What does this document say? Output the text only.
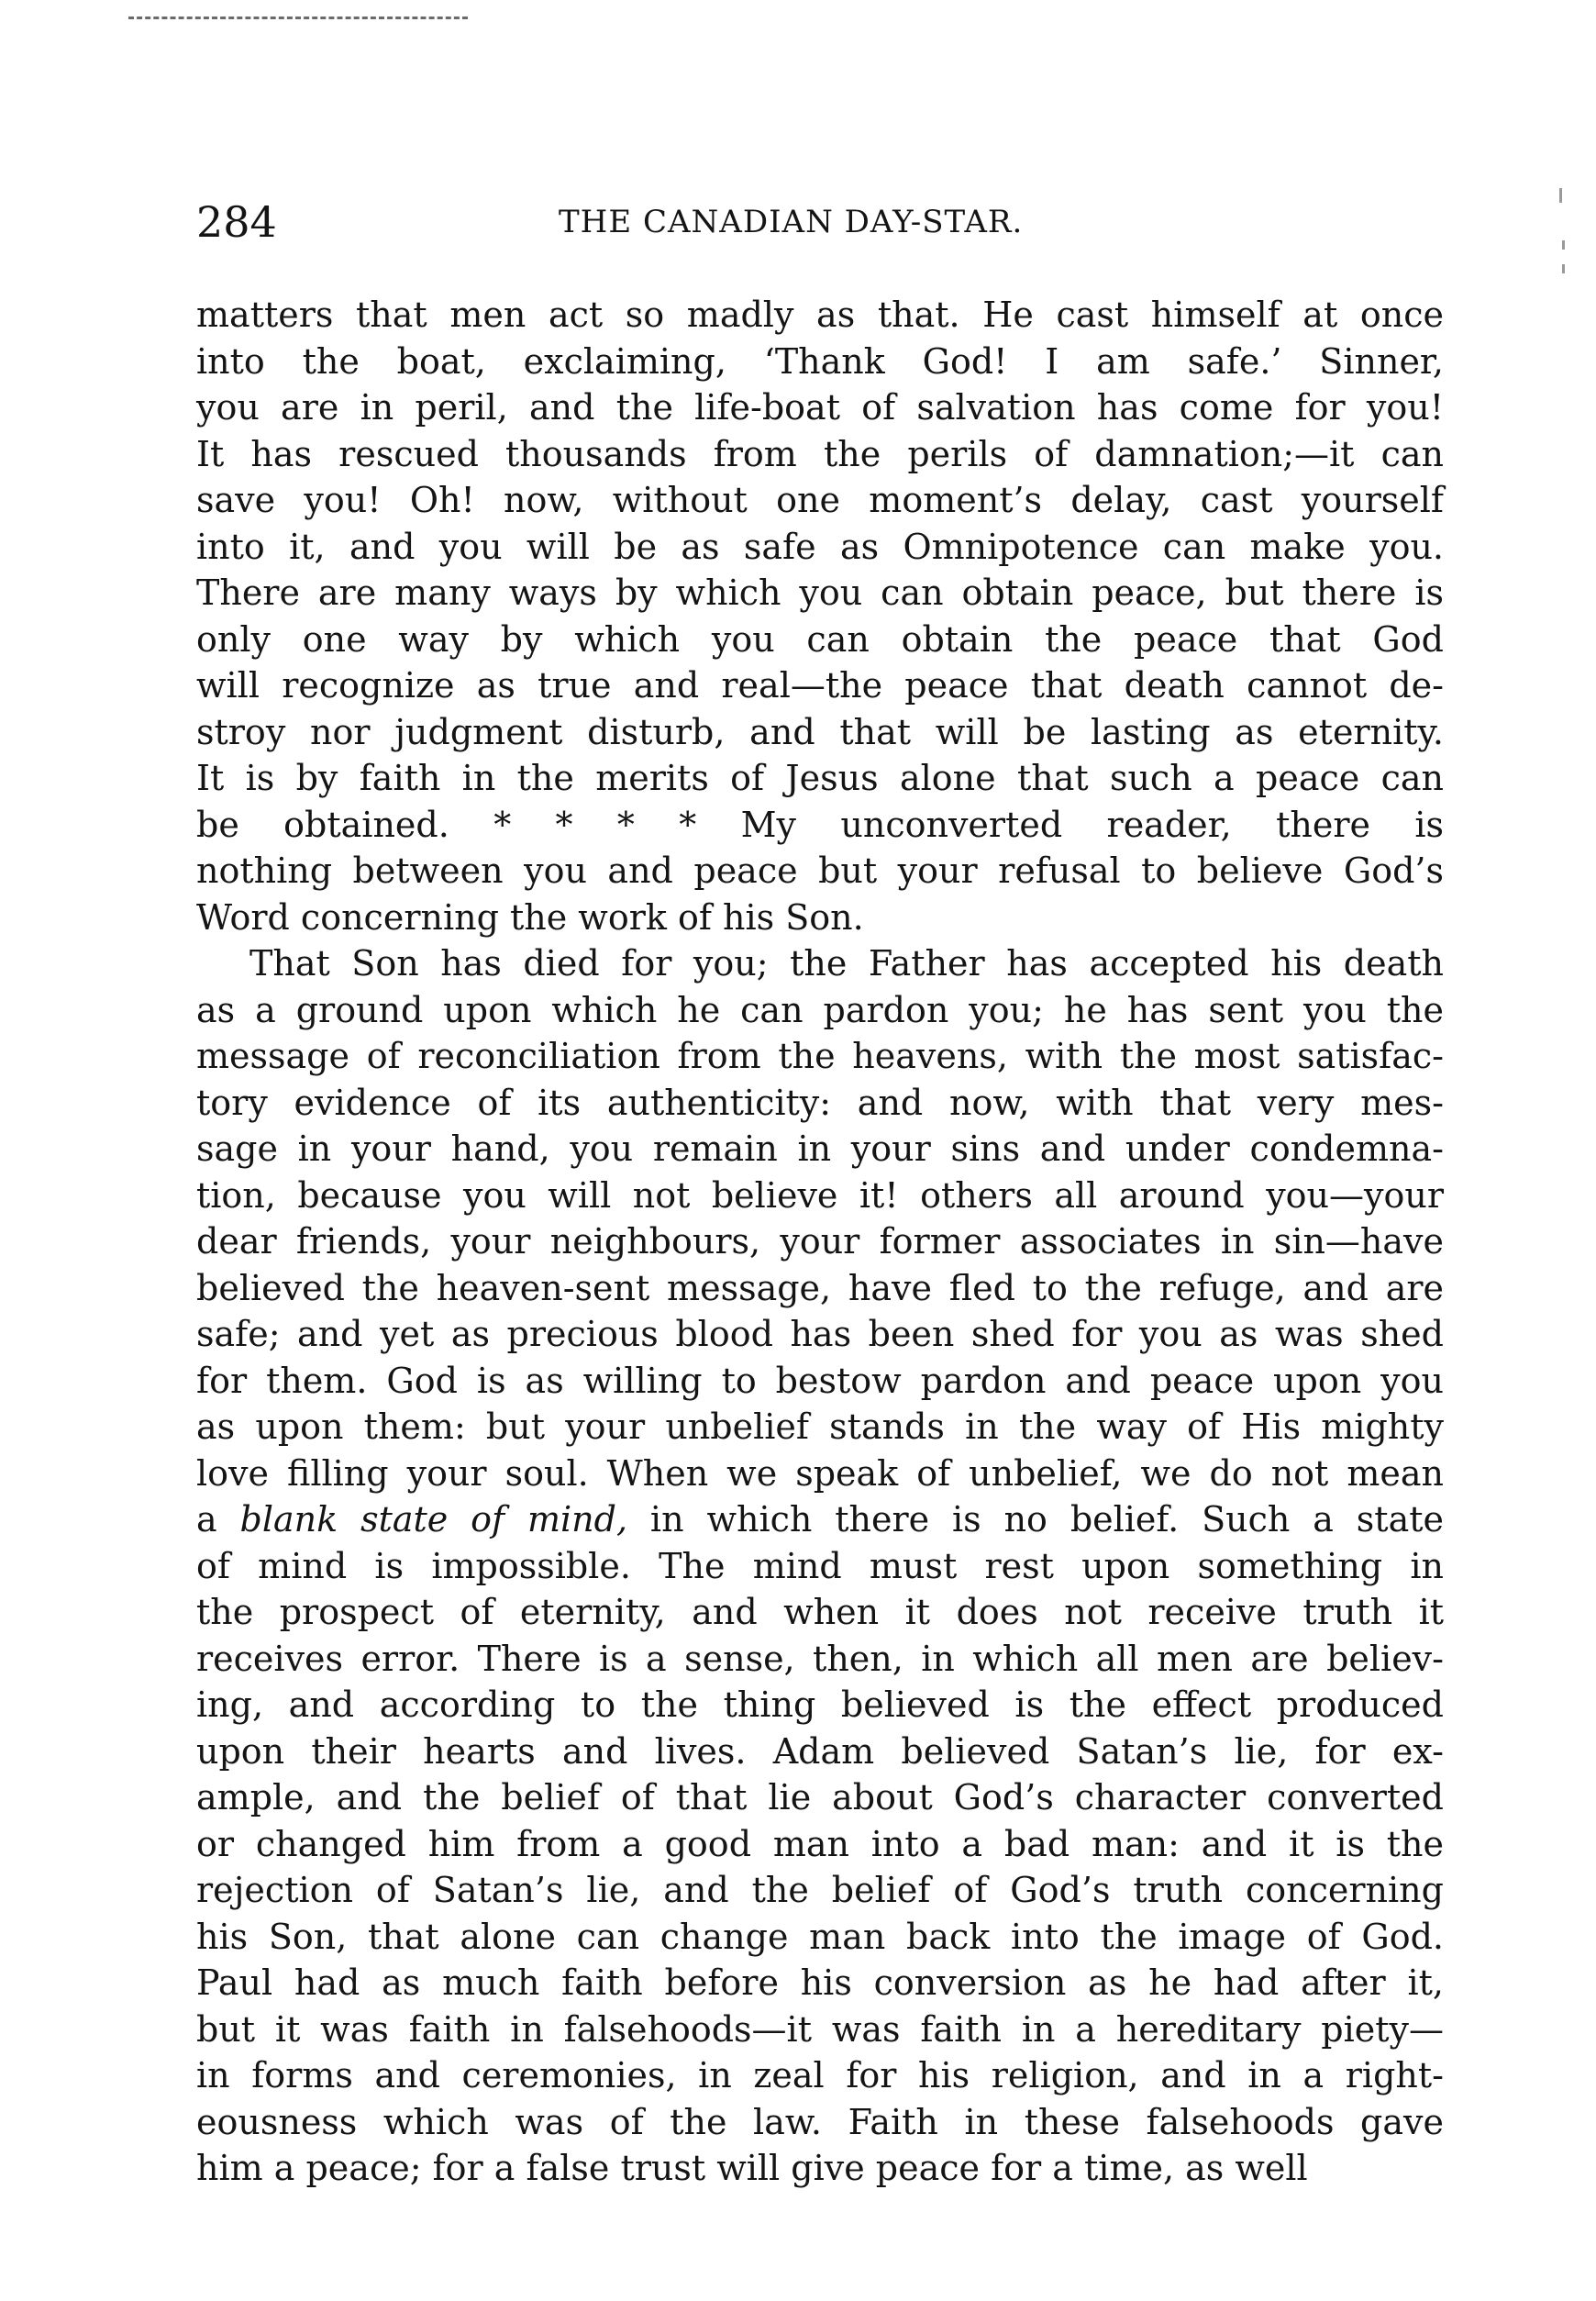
284	THE CANADIAN DAY-STAR.
matters that men act so madly as that. He cast himself at once
into the boat, exclaiming, ‘Thank God! I am safe.’ Sinner,
you are in peril, and the life-boat of salvation has come for you!
It has rescued thousands from the perils of damnation;—it can
save you! Oh! now, without one moment’s delay, cast yourself
into it, and you will be as safe as Omnipotence can make you.
There are many ways by which you can obtain peace, but there is
only one way by which you can obtain the peace that God
will recognize as true and real—the peace that death cannot de-
stroy nor judgment disturb, and that will be lasting as eternity.
It is by faith in the merits of Jesus alone that such a peace can
be obtained. * * * * My unconverted reader, there is
nothing between you and peace but your refusal to believe God’s
Word concerning the work of his Son.
That Son has died for you; the Father has accepted his death
as a ground upon which he can pardon you; he has sent you the
message of reconciliation from the heavens, with the most satisfac-
tory evidence of its authenticity: and now, with that very mes-
sage in your hand, you remain in your sins and under condemna-
tion, because you will not believe it! others all around you—your
dear friends, your neighbours, your former associates in sin—have
believed the heaven-sent message, have fled to the refuge, and are
safe; and yet as precious blood has been shed for you as was shed
for them. God is as willing to bestow pardon and peace upon you
as upon them: but your unbelief stands in the way of His mighty
love filling your soul. When we speak of unbelief, we do not mean
a blank state of mind, in which there is no belief. Such a state
of mind is impossible. The mind must rest upon something in
the prospect of eternity, and when it does not receive truth it
receives error. There is a sense, then, in which all men are believ-
ing, and according to the thing believed is the effect produced
upon their hearts and lives. Adam believed Satan’s lie, for ex-
ample, and the belief of that lie about God’s character converted
or changed him from a good man into a bad man: and it is the
rejection of Satan’s lie, and the belief of God’s truth concerning
his Son, that alone can change man back into the image of God.
Paul had as much faith before his conversion as he had after it,
but it was faith in falsehoods—it was faith in a hereditary piety—
in forms and ceremonies, in zeal for his religion, and in a right-
eousness which was of the law. Faith in these falsehoods gave
him a peace; for a false trust will give peace for a time, as well
